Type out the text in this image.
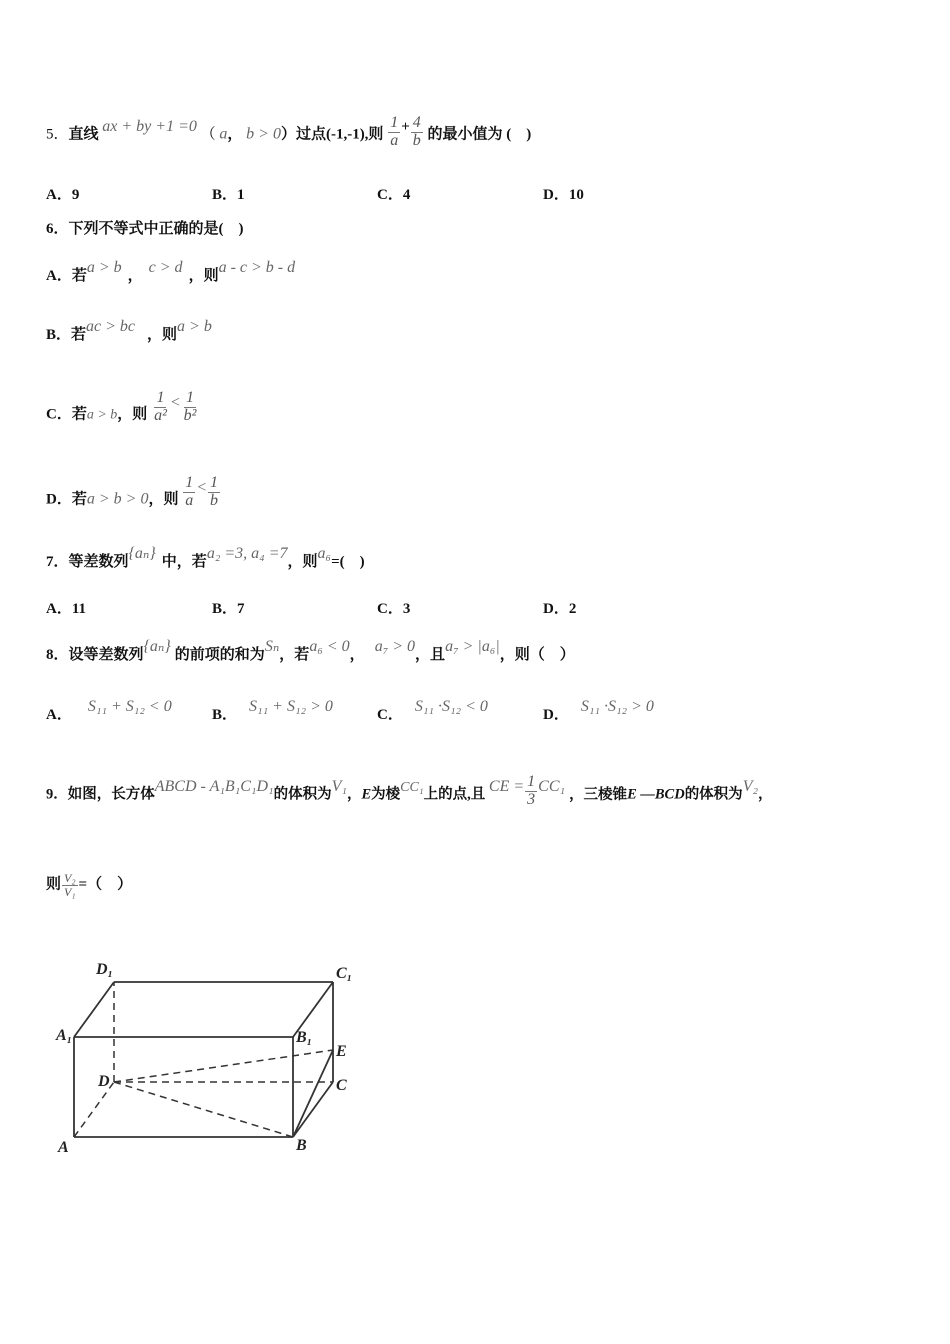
5．直线 ax + by +1 =0 （ a， b > 0）过点(-1,-1),则 $\frac{1}{a} + \frac{4}{b}$ 的最小值为 (　)
A．9	B．1	C．4	D．10
6．下列不等式中正确的是(　)
A．若a > b ， c > d ，则a - c > b - d
B．若ac > bc ，则a > b
C．若a > b，则 $\frac{1}{\text{a²}} < \frac{1}{\text{b²}}$
D．若a > b > 0，则 $\frac{1}{a} < \frac{1}{b}$
7．等差数列{aₙ} 中，若a₂ =3, a₄ =7，则a₆=(　)
A．11	B．7	C．3	D．2
8．设等差数列{aₙ} 的前项的和为Sₙ，若a₆ < 0， a₇ > 0，且a₇ > |a₆|，则（　）
A． S₁₁ + S₁₂ < 0	B． S₁₁ + S₁₂ > 0	C． S₁₁ ·S₁₂ < 0	D． S₁₁ ·S₁₂ > 0
9．如图，长方体ABCD - A₁B₁C₁D₁的体积为V₁，E为棱CC₁上的点,且 CE = $\frac{1}{3} CC_1$ ，三棱锥E —BCD的体积为V₂，
则 $\frac{\text{V₂}}{\text{V₁}}$ =（　）
D₁	C₁
A₁	B₁
E
D	C
A	B
